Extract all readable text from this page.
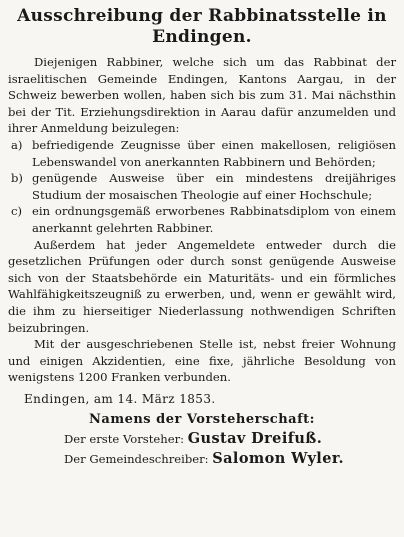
Ausschreibung der Rabbinatsstelle in Endingen.

Diejenigen Rabbiner, welche sich um das Rabbinat der israelitischen Gemeinde Endingen, Kantons Aargau, in der Schweiz bewerben wollen, haben sich bis zum 31. Mai nächsthin bei der Tit. Erziehungsdirektion in Aarau dafür anzumelden und ihrer Anmeldung beizulegen:

a) befriedigende Zeugnisse über einen makellosen, religiösen Lebenswandel von anerkannten Rabbinern und Behörden;
b) genügende Ausweise über ein mindestens dreijähriges Studium der mosaischen Theologie auf einer Hochschule;
c) ein ordnungsgemäß erworbenes Rabbinatsdiplom von einem anerkannt gelehrten Rabbiner.

Außerdem hat jeder Angemeldete entweder durch die gesetzlichen Prüfungen oder durch sonst genügende Ausweise sich von der Staatsbehörde ein Maturitäts- und ein förmliches Wahlfähigkeitszeugniß zu erwerben, und, wenn er gewählt wird, die ihm zu hierseitiger Niederlassung nothwendigen Schriften beizubringen.

Mit der ausgeschriebenen Stelle ist, nebst freier Wohnung und einigen Akzidentien, eine fixe, jährliche Besoldung von wenigstens 1200 Franken verbunden.

Endingen, am 14. März 1853.
Namens der Vorsteherschaft:
Der erste Vorsteher: Gustav Dreifuß.
Der Gemeindeschreiber: Salomon Wyler.
